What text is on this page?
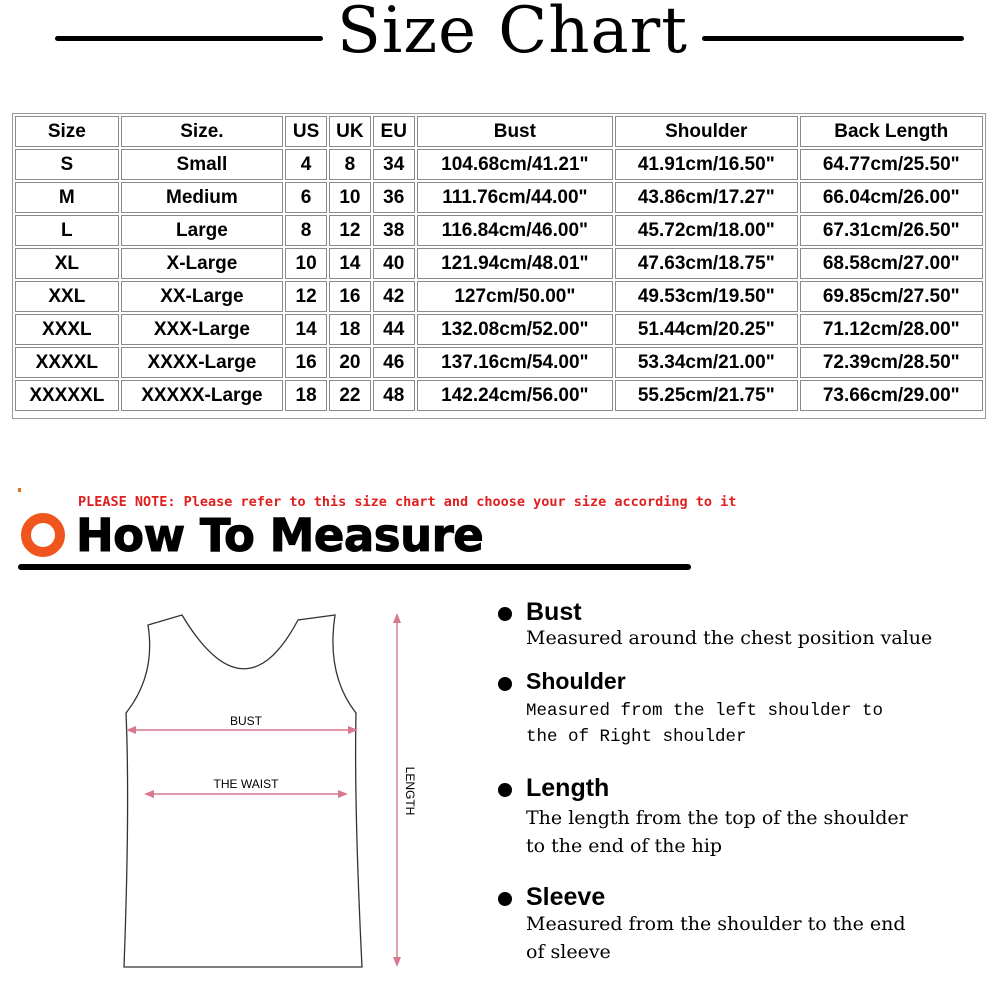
Size Chart
Size	Size.	US	UK	EU	Bust	Shoulder	Back Length
S	Small	4	8	34	104.68cm/41.21"	41.91cm/16.50"	64.77cm/25.50"
M	Medium	6	10	36	111.76cm/44.00"	43.86cm/17.27"	66.04cm/26.00"
L	Large	8	12	38	116.84cm/46.00"	45.72cm/18.00"	67.31cm/26.50"
XL	X-Large	10	14	40	121.94cm/48.01"	47.63cm/18.75"	68.58cm/27.00"
XXL	XX-Large	12	16	42	127cm/50.00"	49.53cm/19.50"	69.85cm/27.50"
XXXL	XXX-Large	14	18	44	132.08cm/52.00"	51.44cm/20.25"	71.12cm/28.00"
XXXXL	XXXX-Large	16	20	46	137.16cm/54.00"	53.34cm/21.00"	72.39cm/28.50"
XXXXXL	XXXXX-Large	18	22	48	142.24cm/56.00"	55.25cm/21.75"	73.66cm/29.00"
PLEASE NOTE: Please refer to this size chart and choose your size according to it
How To Measure
BUST
THE WAIST	LENGTH
Bust
Measured around the chest position value
Shoulder
Measured from the left shoulder to the of Right shoulder
Length
The length from the top of the shoulder to the end of the hip
Sleeve
Measured from the shoulder to the end of sleeve
